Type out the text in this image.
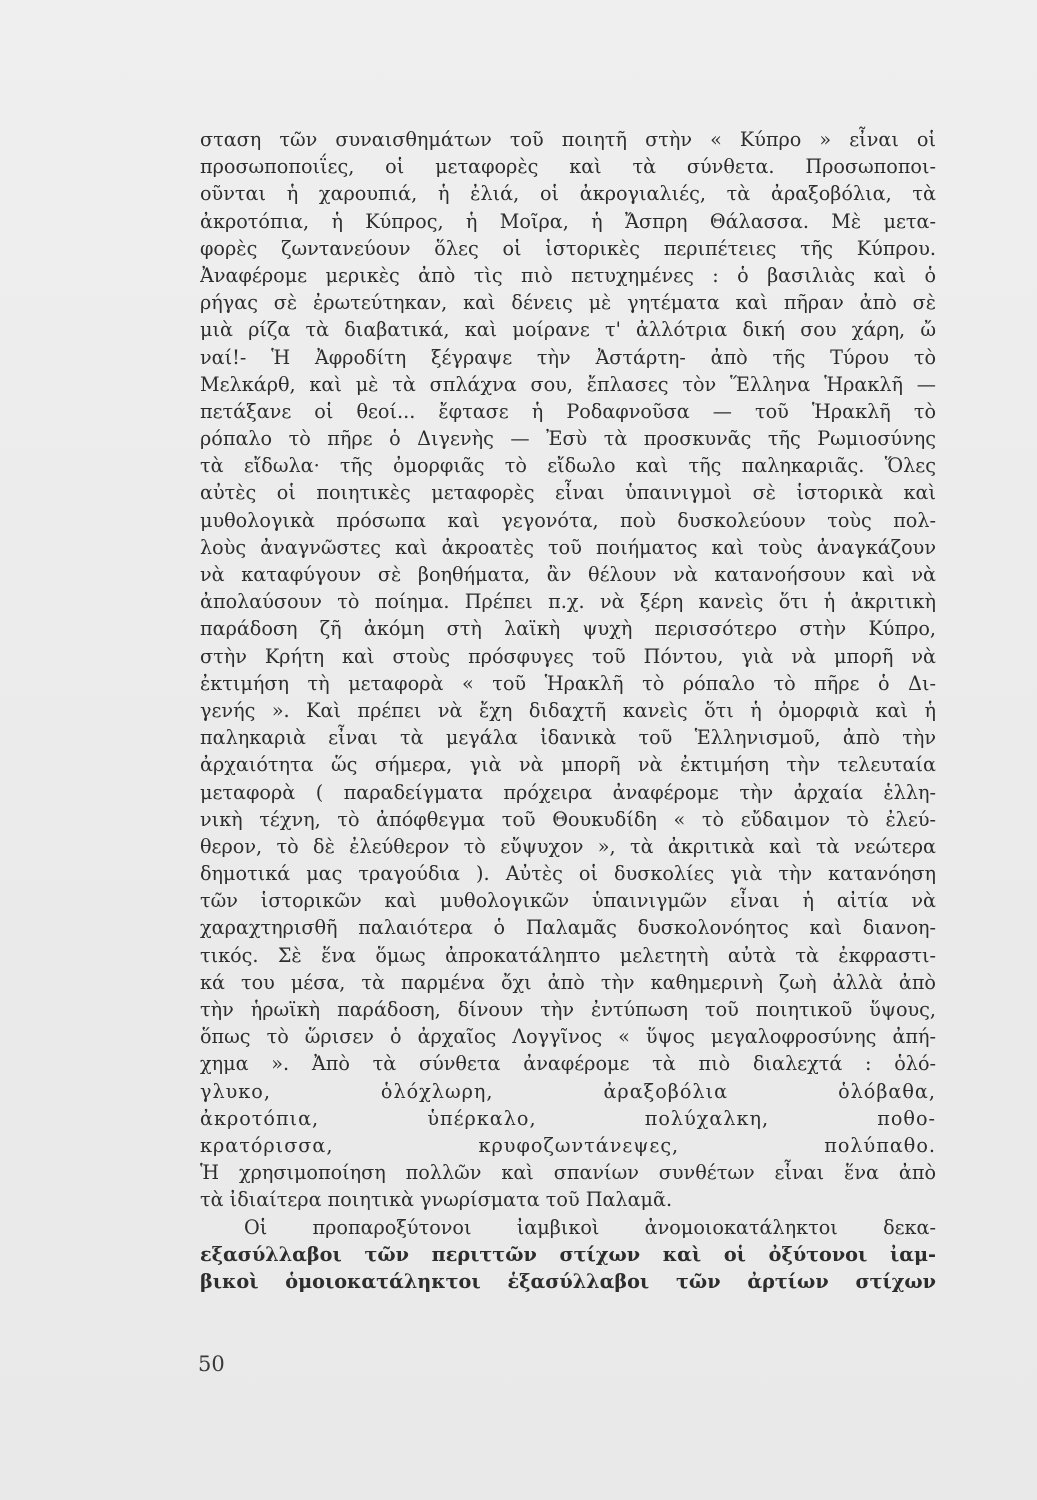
σταση τῶν συναισθημάτων τοῦ ποιητῆ στὴν « Κύπρο » εἶναι οἱ
προσωποποιΐες, οἱ μεταφορὲς καὶ τὰ σύνθετα. Προσωποποι-
οῦνται ἡ χαρουπιά, ἡ ἐλιά, οἱ ἀκρογιαλιές, τὰ ἀραξοβόλια, τὰ
ἀκροτόπια, ἡ Κύπρος, ἡ Μοῖρα, ἡ Ἄσπρη Θάλασσα. Μὲ μετα-
φορὲς ζωντανεύουν ὅλες οἱ ἱστορικὲς περιπέτειες τῆς Κύπρου.
Ἀναφέρομε μερικὲς ἀπὸ τὶς πιὸ πετυχημένες : ὁ βασιλιὰς καὶ ὁ
ρήγας σὲ ἐρωτεύτηκαν, καὶ δένεις μὲ γητέματα καὶ πῆραν ἀπὸ σὲ
μιὰ ρίζα τὰ διαβατικά, καὶ μοίρανε τ' ἀλλότρια δική σου χάρη, ὤ
ναί!- Ἡ Ἀφροδίτη ξέγραψε τὴν Ἀστάρτη- ἀπὸ τῆς Τύρου τὸ
Μελκάρθ, καὶ μὲ τὰ σπλάχνα σου, ἔπλασες τὸν Ἕλληνα Ἡρακλῆ —
πετάξανε οἱ θεοί... ἔφτασε ἡ Ροδαφνοῦσα — τοῦ Ἡρακλῆ τὸ
ρόπαλο τὸ πῆρε ὁ Διγενὴς — Ἐσὺ τὰ προσκυνᾶς τῆς Ρωμιοσύνης
τὰ εἴδωλα· τῆς ὀμορφιᾶς τὸ εἴδωλο καὶ τῆς παληκαριᾶς. Ὅλες
αὐτὲς οἱ ποιητικὲς μεταφορὲς εἶναι ὑπαινιγμοὶ σὲ ἱστορικὰ καὶ
μυθολογικὰ πρόσωπα καὶ γεγονότα, ποὺ δυσκολεύουν τοὺς πολ-
λοὺς ἀναγνῶστες καὶ ἀκροατὲς τοῦ ποιήματος καὶ τοὺς ἀναγκάζουν
νὰ καταφύγουν σὲ βοηθήματα, ἂν θέλουν νὰ κατανοήσουν καὶ νὰ
ἀπολαύσουν τὸ ποίημα. Πρέπει π.χ. νὰ ξέρη κανεὶς ὅτι ἡ ἀκριτικὴ
παράδοση ζῆ ἀκόμη στὴ λαϊκὴ ψυχὴ περισσότερο στὴν Κύπρο,
στὴν Κρήτη καὶ στοὺς πρόσφυγες τοῦ Πόντου, γιὰ νὰ μπορῆ νὰ
ἐκτιμήση τὴ μεταφορὰ « τοῦ Ἡρακλῆ τὸ ρόπαλο τὸ πῆρε ὁ Δι-
γενής ». Καὶ πρέπει νὰ ἔχη διδαχτῆ κανεὶς ὅτι ἡ ὀμορφιὰ καὶ ἡ
παληκαριὰ εἶναι τὰ μεγάλα ἰδανικὰ τοῦ Ἑλληνισμοῦ, ἀπὸ τὴν
ἀρχαιότητα ὥς σήμερα, γιὰ νὰ μπορῆ νὰ ἐκτιμήση τὴν τελευταία
μεταφορὰ ( παραδείγματα πρόχειρα ἀναφέρομε τὴν ἀρχαία ἑλλη-
νικὴ τέχνη, τὸ ἀπόφθεγμα τοῦ Θουκυδίδη « τὸ εὔδαιμον τὸ ἐλεύ-
θερον, τὸ δὲ ἐλεύθερον τὸ εὔψυχον », τὰ ἀκριτικὰ καὶ τὰ νεώτερα
δημοτικά μας τραγούδια ). Αὐτὲς οἱ δυσκολίες γιὰ τὴν κατανόηση
τῶν ἱστορικῶν καὶ μυθολογικῶν ὑπαινιγμῶν εἶναι ἡ αἰτία νὰ
χαραχτηρισθῆ παλαιότερα ὁ Παλαμᾶς δυσκολονόητος καὶ διανοη-
τικός. Σὲ ἕνα ὅμως ἀπροκατάληπτο μελετητὴ αὐτὰ τὰ ἐκφραστι-
κά του μέσα, τὰ παρμένα ὄχι ἀπὸ τὴν καθημερινὴ ζωὴ ἀλλὰ ἀπὸ
τὴν ἡρωϊκὴ παράδοση, δίνουν τὴν ἐντύπωση τοῦ ποιητικοῦ ὕψους,
ὅπως τὸ ὥρισεν ὁ ἀρχαῖος Λογγῖνος « ὕψος μεγαλοφροσύνης ἀπή-
χημα ». Ἀπὸ τὰ σύνθετα ἀναφέρομε τὰ πιὸ διαλεχτά : ὁλό-
γλυκο, ὁλόχλωρη, ἀραξοβόλια ὁλόβαθα,
ἀκροτόπια, ὑπέρκαλο, πολύχαλκη, ποθο-
κρατόρισσα, κρυφοζωντάνεψες, πολύπαθο.
Ἡ χρησιμοποίηση πολλῶν καὶ σπανίων συνθέτων εἶναι ἕνα ἀπὸ
τὰ ἰδιαίτερα ποιητικὰ γνωρίσματα τοῦ Παλαμᾶ.
Οἱ προπαροξύτονοι ἰαμβικοὶ ἀνομοιοκατάληκτοι δεκα-
εξασύλλαβοι τῶν περιττῶν στίχων καὶ οἱ ὀξύτονοι ἰαμ-
βικοὶ ὁμοιοκατάληκτοι ἑξασύλλαβοι τῶν ἀρτίων στίχων
50
